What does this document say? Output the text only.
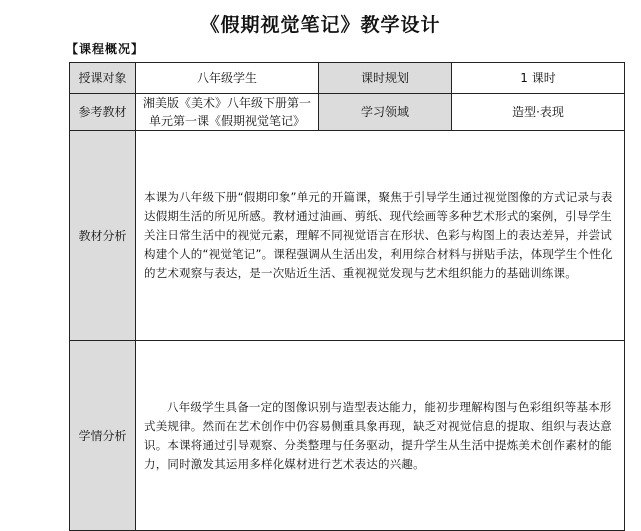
《假期视觉笔记》教学设计
【课程概况】
授课对象	八年级学生	课时规划	1 课时
参考教材	湘美版《美术》八年级下册第一单元第一课《假期视觉笔记》	学习领域	造型·表现
教材分析	本课为八年级下册“假期印象”单元的开篇课，聚焦于引导学生通过视觉图像的方式记录与表达假期生活的所见所感。教材通过油画、剪纸、现代绘画等多种艺术形式的案例，引导学生关注日常生活中的视觉元素，理解不同视觉语言在形状、色彩与构图上的表达差异，并尝试构建个人的“视觉笔记”。课程强调从生活出发，利用综合材料与拼贴手法，体现学生个性化的艺术观察与表达，是一次贴近生活、重视视觉发现与艺术组织能力的基础训练课。		
学情分析	八年级学生具备一定的图像识别与造型表达能力，能初步理解构图与色彩组织等基本形式美规律。然而在艺术创作中仍容易侧重具象再现，缺乏对视觉信息的提取、组织与表达意识。本课将通过引导观察、分类整理与任务驱动，提升学生从生活中提炼美术创作素材的能力，同时激发其运用多样化媒材进行艺术表达的兴趣。		
